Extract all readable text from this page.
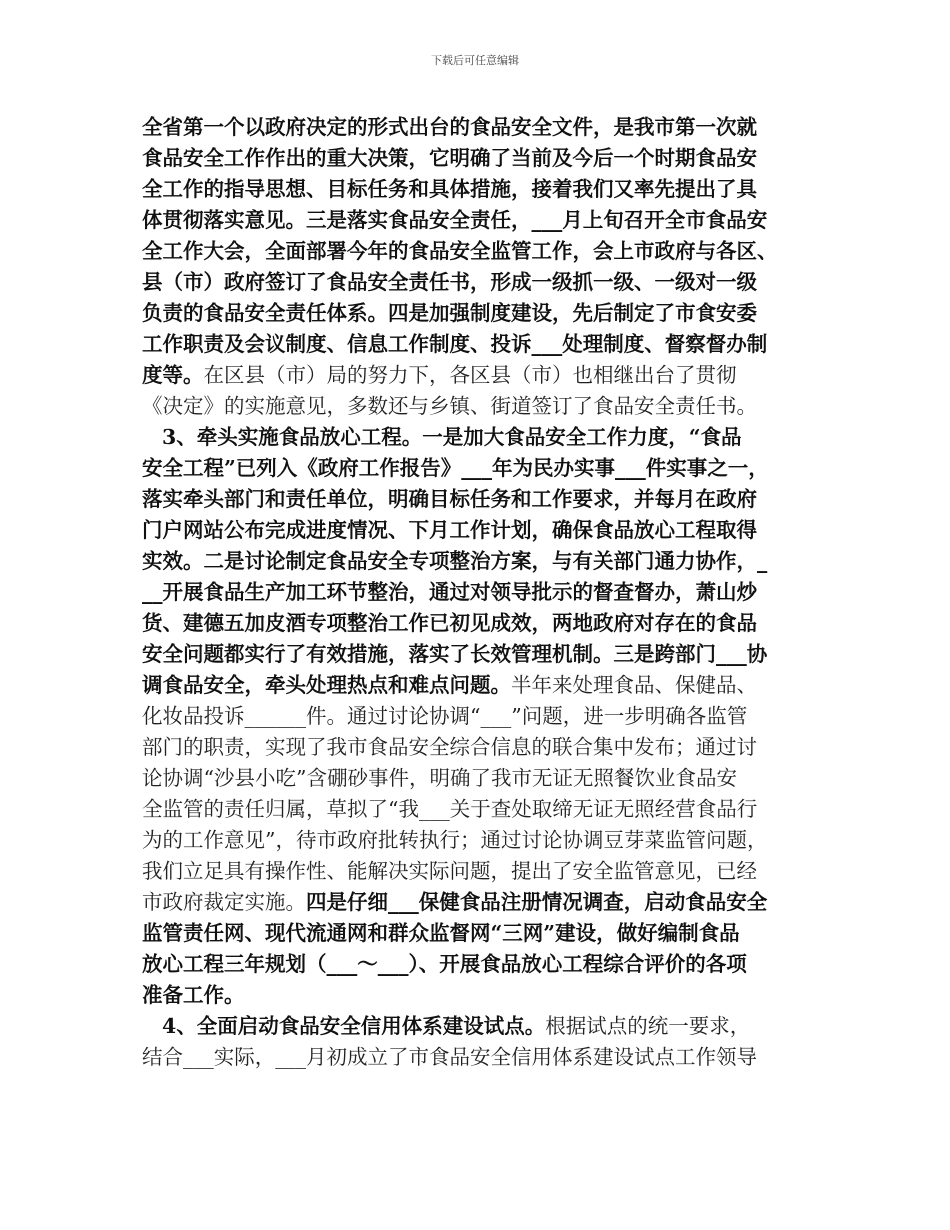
下载后可任意编辑
全省第一个以政府决定的形式出台的食品安全文件，是我市第一次就
食品安全工作作出的重大决策，它明确了当前及今后一个时期食品安
全工作的指导思想、目标任务和具体措施，接着我们又率先提出了具
体贯彻落实意见。三是落实食品安全责任，___月上旬召开全市食品安
全工作大会，全面部署今年的食品安全监管工作，会上市政府与各区、
县（市）政府签订了食品安全责任书，形成一级抓一级、一级对一级
负责的食品安全责任体系。四是加强制度建设，先后制定了市食安委
工作职责及会议制度、信息工作制度、投诉___处理制度、督察督办制
度等。在区县（市）局的努力下，各区县（市）也相继出台了贯彻
《决定》的实施意见，多数还与乡镇、街道签订了食品安全责任书。
3、牵头实施食品放心工程。一是加大食品安全工作力度，“食品
安全工程”已列入《政府工作报告》___年为民办实事___件实事之一，
落实牵头部门和责任单位，明确目标任务和工作要求，并每月在政府
门户网站公布完成进度情况、下月工作计划，确保食品放心工程取得
实效。二是讨论制定食品安全专项整治方案，与有关部门通力协作，_
__开展食品生产加工环节整治，通过对领导批示的督查督办，萧山炒
货、建德五加皮酒专项整治工作已初见成效，两地政府对存在的食品
安全问题都实行了有效措施，落实了长效管理机制。三是跨部门___协
调食品安全，牵头处理热点和难点问题。半年来处理食品、保健品、
化妆品投诉______件。通过讨论协调“___”问题，进一步明确各监管
部门的职责，实现了我市食品安全综合信息的联合集中发布；通过讨
论协调“沙县小吃”含硼砂事件，明确了我市无证无照餐饮业食品安
全监管的责任归属，草拟了“我___关于查处取缔无证无照经营食品行
为的工作意见”，待市政府批转执行；通过讨论协调豆芽菜监管问题，
我们立足具有操作性、能解决实际问题，提出了安全监管意见，已经
市政府裁定实施。四是仔细___保健食品注册情况调查，启动食品安全
监管责任网、现代流通网和群众监督网“三网”建设，做好编制食品
放心工程三年规划（___～___）、开展食品放心工程综合评价的各项
准备工作。
4、全面启动食品安全信用体系建设试点。根据试点的统一要求，
结合___实际，___月初成立了市食品安全信用体系建设试点工作领导
